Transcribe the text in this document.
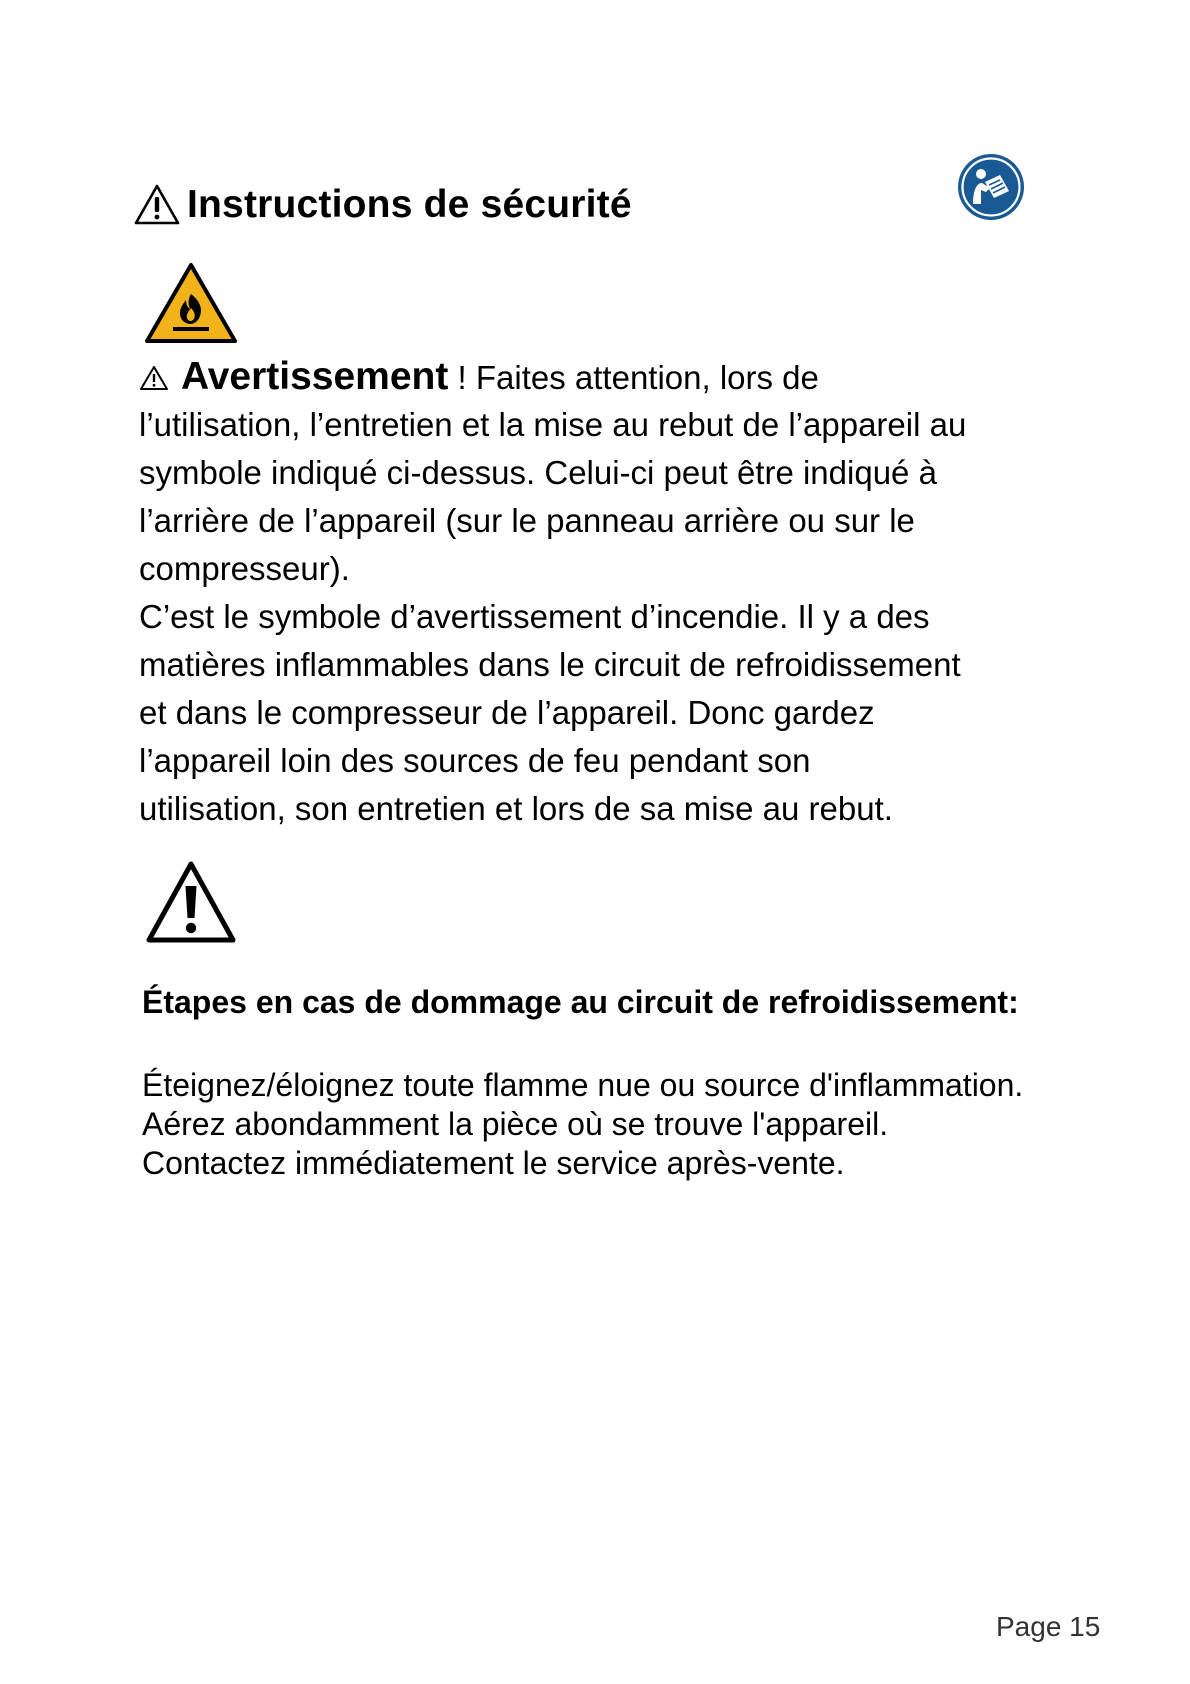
Instructions de sécurité
Avertissement ! Faites attention, lors de
l’utilisation, l’entretien et la mise au rebut de l’appareil au
symbole indiqué ci-dessus. Celui-ci peut être indiqué à
l’arrière de l’appareil (sur le panneau arrière ou sur le
compresseur).
C’est le symbole d’avertissement d’incendie. Il y a des
matières inflammables dans le circuit de refroidissement
et dans le compresseur de l’appareil. Donc gardez
l’appareil loin des sources de feu pendant son
utilisation, son entretien et lors de sa mise au rebut.
Étapes en cas de dommage au circuit de refroidissement:
Éteignez/éloignez toute flamme nue ou source d'inflammation.
Aérez abondamment la pièce où se trouve l'appareil.
Contactez immédiatement le service après-vente.
Page 15
